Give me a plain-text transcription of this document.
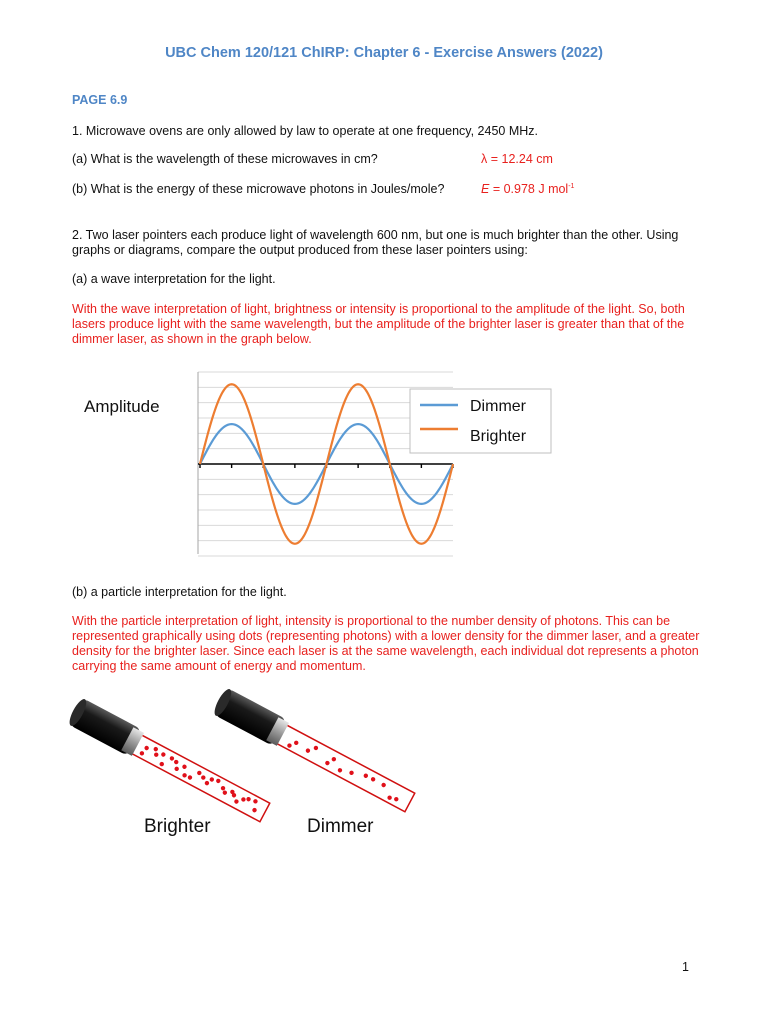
UBC Chem 120/121 ChIRP: Chapter 6 - Exercise Answers (2022)
PAGE 6.9
1. Microwave ovens are only allowed by law to operate at one frequency, 2450 MHz.
(a) What is the wavelength of these microwaves in cm?	λ = 12.24 cm
(b) What is the energy of these microwave photons in Joules/mole?	E = 0.978 J mol$^{-1}$
2. Two laser pointers each produce light of wavelength 600 nm, but one is much brighter than the other. Using graphs or diagrams, compare the output produced from these laser pointers using:
(a) a wave interpretation for the light.
With the wave interpretation of light, brightness or intensity is proportional to the amplitude of the light. So, both lasers produce light with the same wavelength, but the amplitude of the brighter laser is greater than that of the dimmer laser, as shown in the graph below.
Amplitude	Dimmer
Brighter
(b) a particle interpretation for the light.
With the particle interpretation of light, intensity is proportional to the number density of photons. This can be represented graphically using dots (representing photons) with a lower density for the dimmer laser, and a greater density for the brighter laser. Since each laser is at the same wavelength, each individual dot represents a photon carrying the same amount of energy and momentum.
Brighter	Dimmer
1
